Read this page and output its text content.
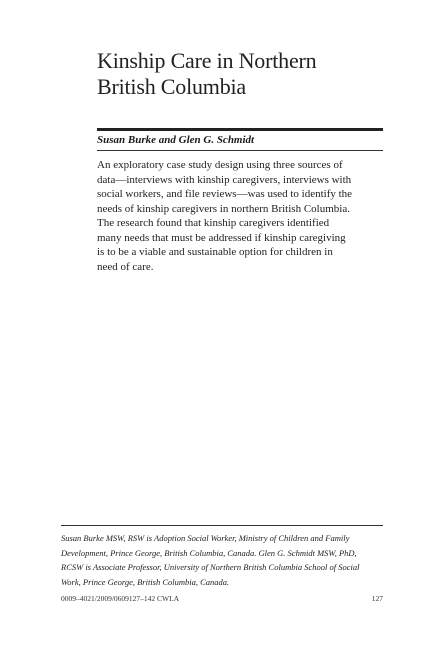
Kinship Care in Northern
British Columbia
Susan Burke and Glen G. Schmidt
An exploratory case study design using three sources of
data—interviews with kinship caregivers, interviews with
social workers, and file reviews—was used to identify the
needs of kinship caregivers in northern British Columbia.
The research found that kinship caregivers identified
many needs that must be addressed if kinship caregiving
is to be a viable and sustainable option for children in
need of care.
Susan Burke MSW, RSW is Adoption Social Worker, Ministry of Children and Family
Development, Prince George, British Columbia, Canada. Glen G. Schmidt MSW, PhD,
RCSW is Associate Professor, University of Northern British Columbia School of Social
Work, Prince George, British Columbia, Canada.
0009–4021/2009/0609127–142 CWLA	127
